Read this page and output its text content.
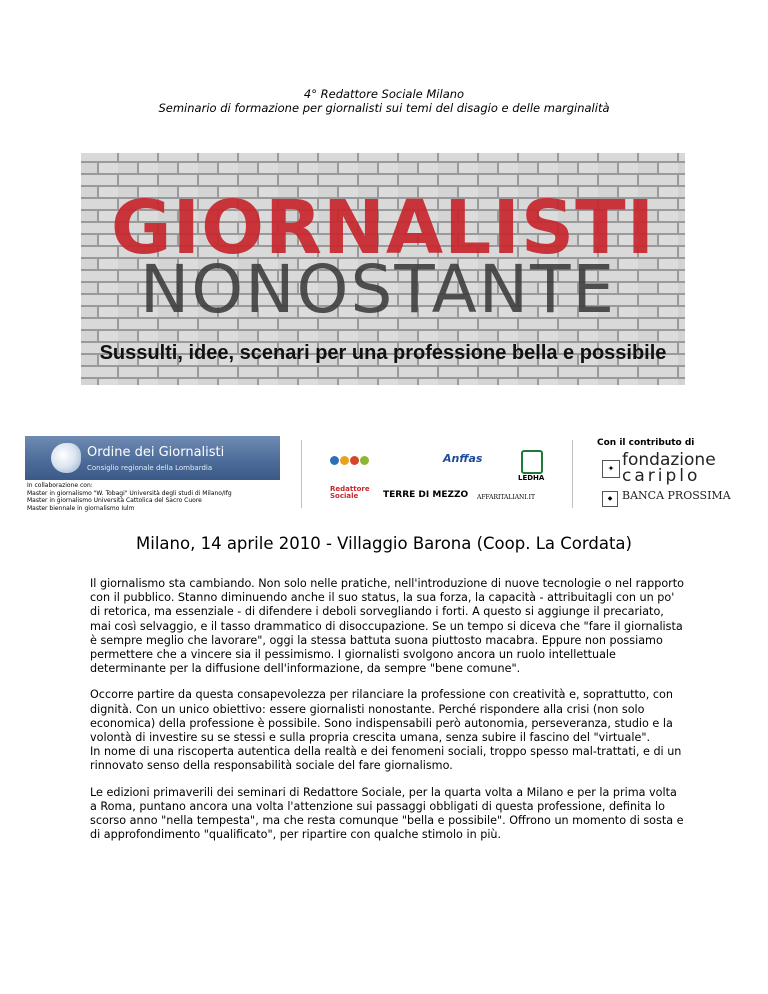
4° Redattore Sociale Milano
Seminario di formazione per giornalisti sui temi del disagio e delle marginalità
GIORNALISTI
NONOSTANTE
Sussulti, idee, scenari per una professione bella e possibile
Ordine dei Giornalisti
Consiglio regionale della Lombardia
In collaborazione con:
Master in giornalismo "W. Tobagi" Università degli studi di Milano/Ifg
Master in giornalismo Università Cattolica del Sacro Cuore
Master biennale in giornalismo Iulm
Anffas
LEDHA
Redattore Sociale	TERRE DI MEZZO AFFARITALIANI.IT
Con il contributo di
✦ fondazione
cariplo
◆ BANCA PROSSIMA
Milano, 14 aprile 2010 - Villaggio Barona (Coop. La Cordata)

Il giornalismo sta cambiando. Non solo nelle pratiche, nell'introduzione di nuove tecnologie o nel rapporto con il pubblico. Stanno diminuendo anche il suo status, la sua forza, la capacità - attribuitagli con un po' di retorica, ma essenziale - di difendere i deboli sorvegliando i forti. A questo si aggiunge il precariato, mai così selvaggio, e il tasso drammatico di disoccupazione. Se un tempo si diceva che "fare il giornalista è sempre meglio che lavorare", oggi la stessa battuta suona piuttosto macabra. Eppure non possiamo permettere che a vincere sia il pessimismo. I giornalisti svolgono ancora un ruolo intellettuale determinante per la diffusione dell'informazione, da sempre "bene comune".

Occorre partire da questa consapevolezza per rilanciare la professione con creatività e, soprattutto, con dignità. Con un unico obiettivo: essere giornalisti nonostante. Perché rispondere alla crisi (non solo economica) della professione è possibile. Sono indispensabili però autonomia, perseveranza, studio e la volontà di investire su se stessi e sulla propria crescita umana, senza subire il fascino del "virtuale".

In nome di una riscoperta autentica della realtà e dei fenomeni sociali, troppo spesso mal-trattati, e di un rinnovato senso della responsabilità sociale del fare giornalismo.

Le edizioni primaverili dei seminari di Redattore Sociale, per la quarta volta a Milano e per la prima volta a Roma, puntano ancora una volta l'attenzione sui passaggi obbligati di questa professione, definita lo scorso anno "nella tempesta", ma che resta comunque "bella e possibile". Offrono un momento di sosta e di approfondimento "qualificato", per ripartire con qualche stimolo in più.
